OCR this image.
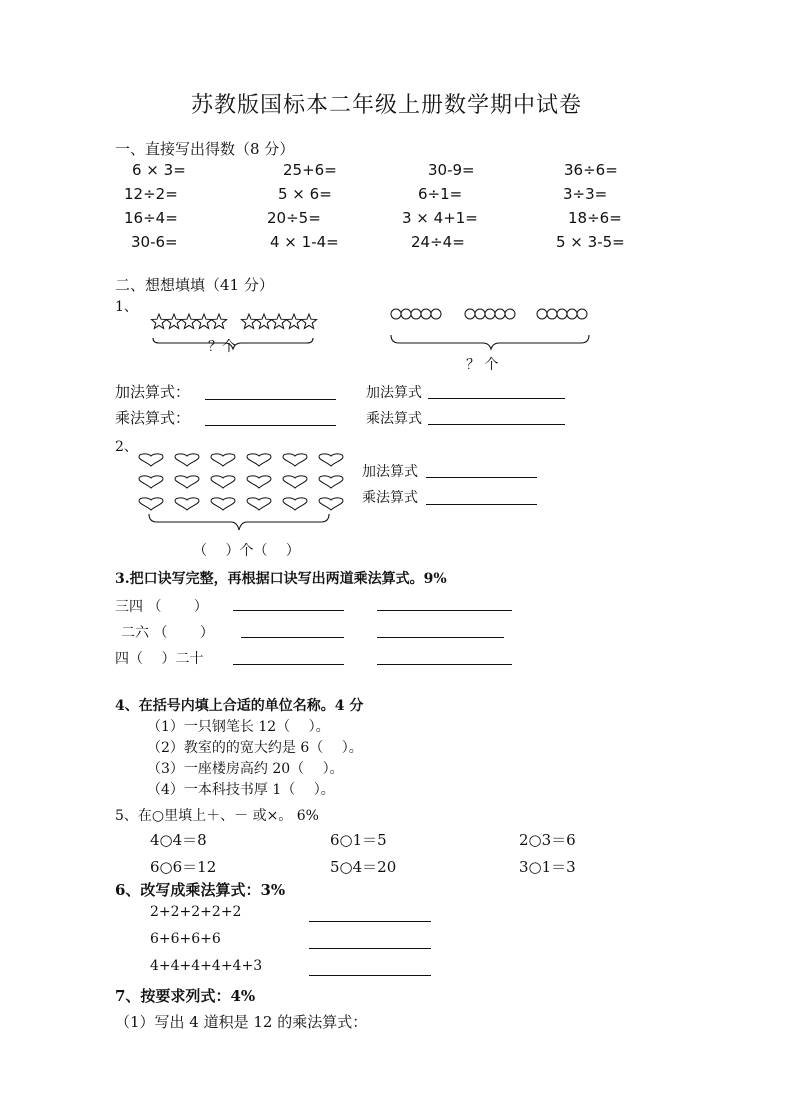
苏教版国标本二年级上册数学期中试卷
一、直接写出得数（8 分）
6 × 3=	25+6=	30-9=	36÷6=
12÷2=	5 × 6=	6÷1=	3÷3=
16÷4=	20÷5=	3 × 4+1=	18÷6=
30-6=	4 × 1-4=	24÷4=	5 × 3-5=
二、想想填填（41 分）
1、
？个
？ 个
加法算式：	加法算式
乘法算式：	乘法算式
2、
（　 ）个（　 ）
加法算式
乘法算式
3.把口诀写完整，再根据口诀写出两道乘法算式。9%
三四 （　　 ）
二六 （　　 ）
四（　 ）二十
4、在括号内填上合适的单位名称。4 分
（1）一只钢笔长 12（　 ）。
（2）教室的的宽大约是 6（　 ）。
（3）一座楼房高约 20（　 ）。
（4）一本科技书厚 1（　 ）。
5、在○里填上＋、－ 或×。 6%
4○4＝8	6○1＝5	2○3＝6
6○6＝12	5○4＝20	3○1＝3
6、改写成乘法算式：3%
2+2+2+2+2
6+6+6+6
4+4+4+4+4+3
7、按要求列式：4%
（1）写出 4 道积是 12 的乘法算式：
